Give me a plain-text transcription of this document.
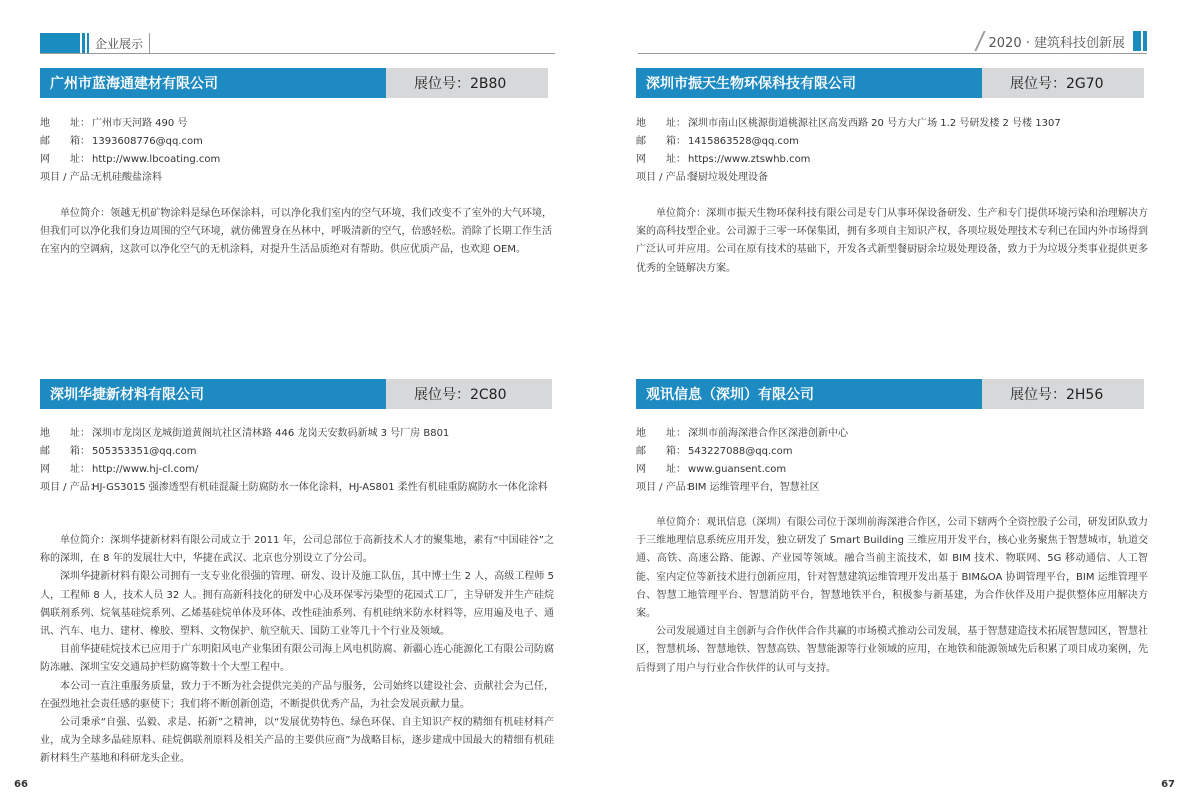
企业展示
广州市蓝海通建材有限公司	展位号：2B80
地　　址： 广州市天河路 490 号
邮　　箱： 1393608776@qq.com
网　　址： http://www.lbcoating.com
项目 / 产品：
无机硅酸盐涂料

单位简介：领越无机矿物涂料是绿色环保涂料，可以净化我们室内的空气环境，我们改变不了室外的大气环境，但我们可以净化我们身边周围的空气环境，就仿佛置身在丛林中，呼吸清新的空气，倍感轻松。消除了长期工作生活在室内的空调病，这款可以净化空气的无机涂料，对提升生活品质绝对有帮助。供应优质产品，也欢迎 OEM。

深圳华捷新材料有限公司	展位号：2C80
地　　址： 深圳市龙岗区龙城街道黄阁坑社区清林路 446 龙岗天安数码新城 3 号厂房 B801
邮　　箱： 505353351@qq.com
网　　址： http://www.hj-cl.com/
项目 / 产品：
HJ-GS3015 强渗透型有机硅混凝土防腐防水一体化涂料，HJ-AS801 柔性有机硅重防腐防水一体化涂料

单位简介：深圳华捷新材料有限公司成立于 2011 年，公司总部位于高新技术人才的聚集地，素有“中国硅谷”之称的深圳，在 8 年的发展壮大中，华捷在武汉、北京也分别设立了分公司。

深圳华捷新材料有限公司拥有一支专业化很强的管理、研发、设计及施工队伍，其中博士生 2 人，高级工程师 5 人，工程师 8 人，技术人员 32 人。拥有高新科技化的研发中心及环保零污染型的花园式工厂，主导研发并生产硅烷偶联剂系列、烷氧基硅烷系列、乙烯基硅烷单体及环体、改性硅油系列、有机硅纳米防水材料等，应用遍及电子、通讯、汽车、电力、建材、橡胶、塑料、文物保护、航空航天、国防工业等几十个行业及领域。

目前华捷硅烷技术已应用于广东明阳风电产业集团有限公司海上风电机防腐、新疆心连心能源化工有限公司防腐防冻融、深圳宝安交通局护栏防腐等数十个大型工程中。

本公司一直注重服务质量，致力于不断为社会提供完美的产品与服务，公司始终以建设社会、贡献社会为己任，在强烈地社会责任感的驱使下；我们将不断创新创造，不断提供优秀产品，为社会发展贡献力量。

公司秉承“自强、弘毅、求是、拓新”之精神，以“发展优势特色、绿色环保、自主知识产权的精细有机硅材料产业，成为全球多晶硅原料、硅烷偶联剂原料及相关产品的主要供应商”为战略目标，逐步建成中国最大的精细有机硅新材料生产基地和科研龙头企业。

66
2020 · 建筑科技创新展
深圳市振天生物环保科技有限公司	展位号：2G70
地　　址： 深圳市南山区桃源街道桃源社区高发西路 20 号方大广场 1.2 号研发楼 2 号楼 1307
邮　　箱： 1415863528@qq.com
网　　址： https://www.ztswhb.com
项目 / 产品：
餐厨垃圾处理设备

单位简介：深圳市振天生物环保科技有限公司是专门从事环保设备研发、生产和专门提供环境污染和治理解决方案的高科技型企业。公司源于三零一环保集团，拥有多项自主知识产权，各项垃圾处理技术专利已在国内外市场得到广泛认可并应用。公司在原有技术的基础下，开发各式新型餐厨厨余垃圾处理设备，致力于为垃圾分类事业提供更多优秀的全链解决方案。

观讯信息（深圳）有限公司	展位号：2H56
地　　址： 深圳市前海深港合作区深港创新中心
邮　　箱： 543227088@qq.com
网　　址： www.guansent.com
项目 / 产品：
BIM 运维管理平台，智慧社区

单位简介：观讯信息（深圳）有限公司位于深圳前海深港合作区，公司下辖两个全资控股子公司，研发团队致力于三维地理信息系统应用开发，独立研发了 Smart Building 三维应用开发平台，核心业务聚焦于智慧城市，轨道交通、高铁、高速公路、能源、产业园等领域。融合当前主流技术，如 BIM 技术、物联网、5G 移动通信、人工智能、室内定位等新技术进行创新应用，针对智慧建筑运维管理开发出基于 BIM&OA 协调管理平台，BIM 运维管理平台、智慧工地管理平台、智慧消防平台，智慧地铁平台，积极参与新基建，为合作伙伴及用户提供整体应用解决方案。

公司发展通过自主创新与合作伙伴合作共赢的市场模式推动公司发展，基于智慧建造技术拓展智慧园区，智慧社区，智慧机场、智慧地铁、智慧高铁、智慧能源等行业领域的应用，在地铁和能源领域先后积累了项目成功案例，先后得到了用户与行业合作伙伴的认可与支持。

67
